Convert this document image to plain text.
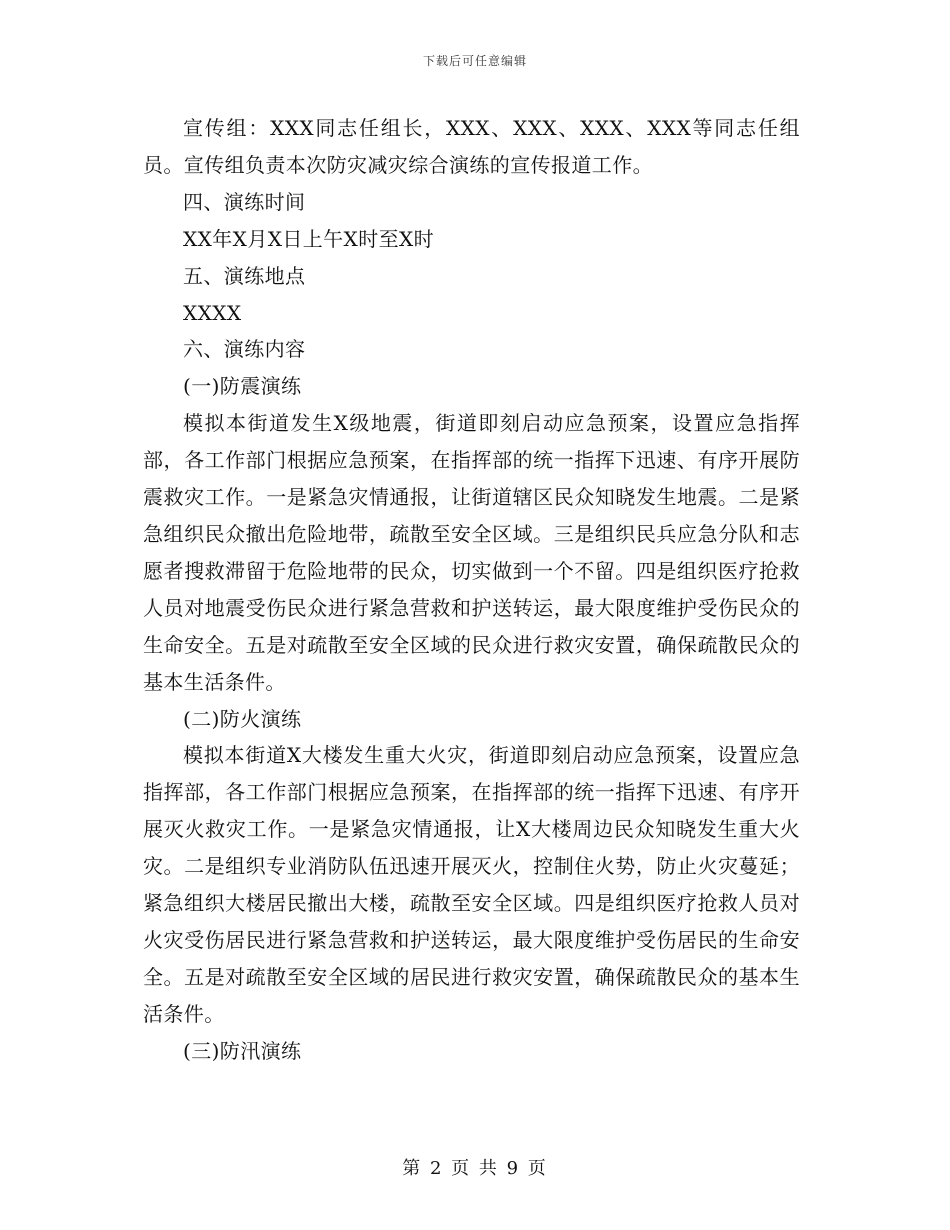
下载后可任意编辑

宣传组：XXX同志任组长，XXX、XXX、XXX、XXX等同志任组员。宣传组负责本次防灾减灾综合演练的宣传报道工作。

四、演练时间

XX年X月X日上午X时至X时

五、演练地点

XXXX

六、演练内容

(一)防震演练

模拟本街道发生X级地震，街道即刻启动应急预案，设置应急指挥部，各工作部门根据应急预案，在指挥部的统一指挥下迅速、有序开展防震救灾工作。一是紧急灾情通报，让街道辖区民众知晓发生地震。二是紧急组织民众撤出危险地带，疏散至安全区域。三是组织民兵应急分队和志愿者搜救滞留于危险地带的民众，切实做到一个不留。四是组织医疗抢救人员对地震受伤民众进行紧急营救和护送转运，最大限度维护受伤民众的生命安全。五是对疏散至安全区域的民众进行救灾安置，确保疏散民众的基本生活条件。

(二)防火演练

模拟本街道X大楼发生重大火灾，街道即刻启动应急预案，设置应急指挥部，各工作部门根据应急预案，在指挥部的统一指挥下迅速、有序开展灭火救灾工作。一是紧急灾情通报，让X大楼周边民众知晓发生重大火灾。二是组织专业消防队伍迅速开展灭火，控制住火势，防止火灾蔓延；紧急组织大楼居民撤出大楼，疏散至安全区域。四是组织医疗抢救人员对火灾受伤居民进行紧急营救和护送转运，最大限度维护受伤居民的生命安全。五是对疏散至安全区域的居民进行救灾安置，确保疏散民众的基本生活条件。

(三)防汛演练

第 2 页 共 9 页
